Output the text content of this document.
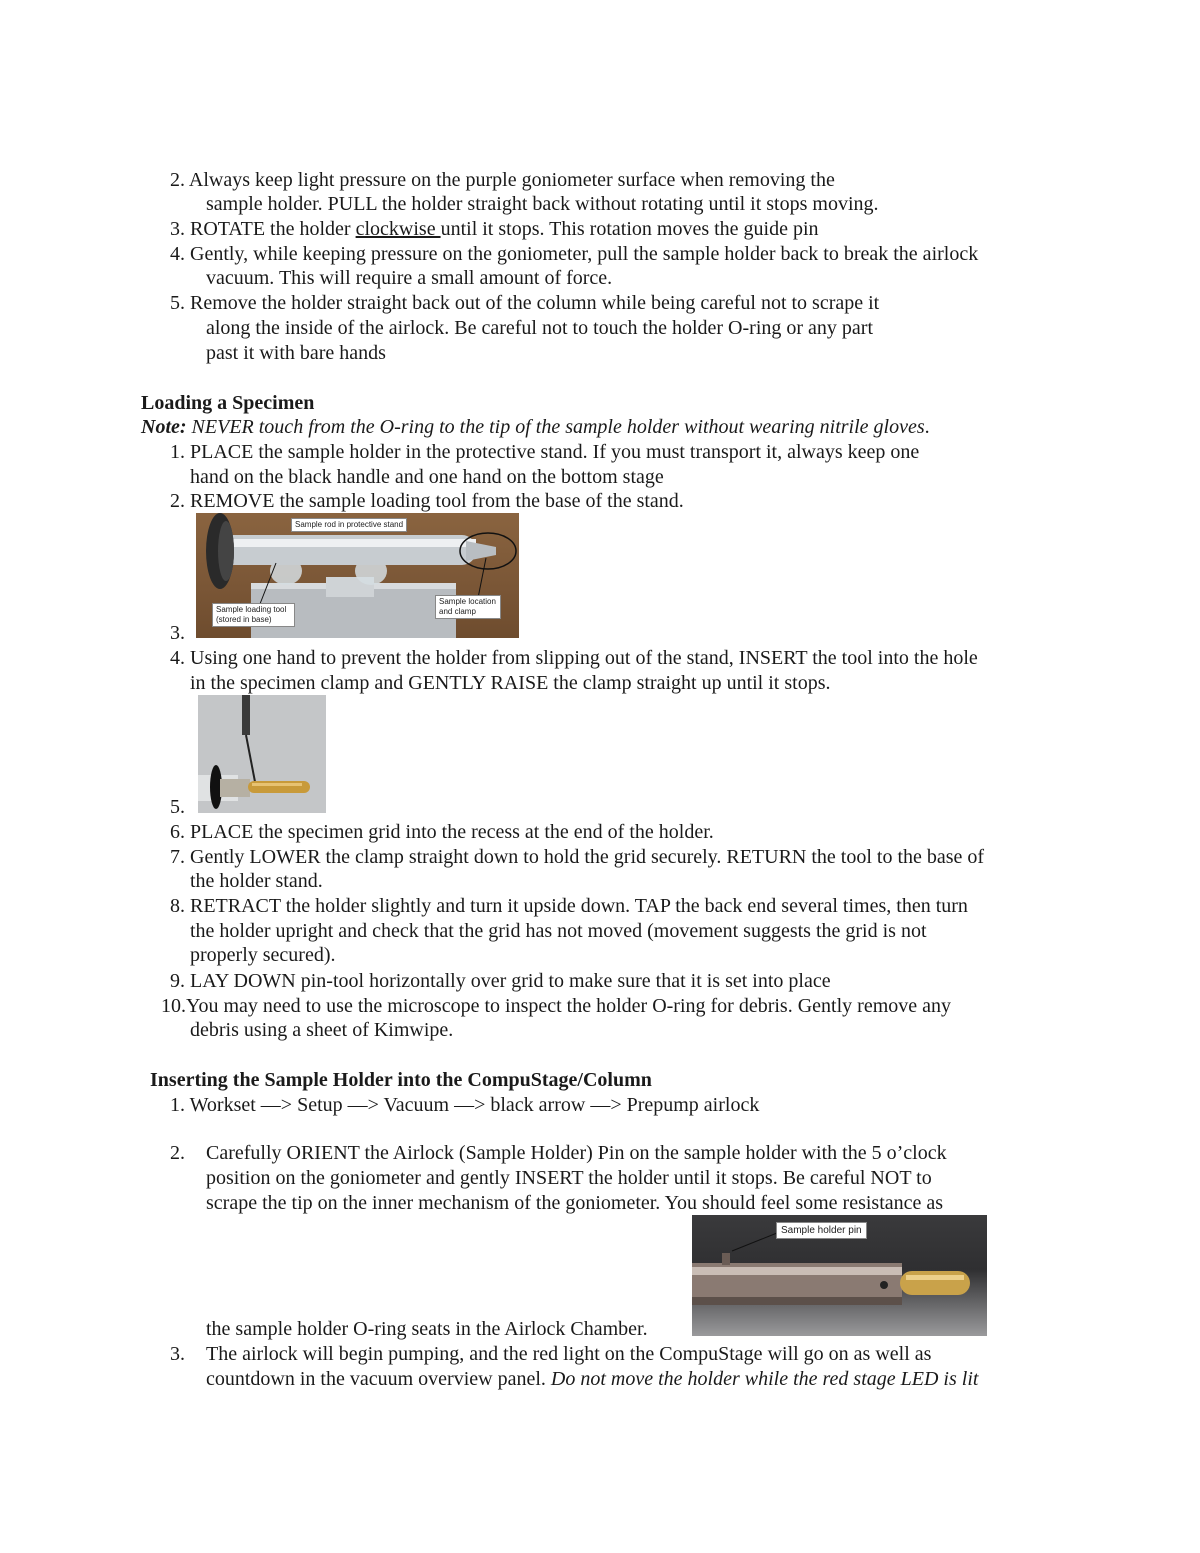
2. Always keep light pressure on the purple goniometer surface when removing the
sample holder. PULL the holder straight back without rotating until it stops moving.
3. ROTATE the holder clockwise until it stops. This rotation moves the guide pin
4. Gently, while keeping pressure on the goniometer, pull the sample holder back to break the airlock
vacuum. This will require a small amount of force.
5. Remove the holder straight back out of the column while being careful not to scrape it
along the inside of the airlock. Be careful not to touch the holder O-ring or any part
past it with bare hands
Loading a Specimen
Note: NEVER touch from the O-ring to the tip of the sample holder without wearing nitrile gloves.
1. PLACE the sample holder in the protective stand. If you must transport it, always keep one
hand on the black handle and one hand on the bottom stage
2. REMOVE the sample loading tool from the base of the stand.
Sample rod in protective stand
Sample loading tool (stored in base)
Sample location and clamp
3.
4. Using one hand to prevent the holder from slipping out of the stand, INSERT the tool into the hole
in the specimen clamp and GENTLY RAISE the clamp straight up until it stops.
5.
6. PLACE the specimen grid into the recess at the end of the holder.
7. Gently LOWER the clamp straight down to hold the grid securely. RETURN the tool to the base of
the holder stand.
8. RETRACT the holder slightly and turn it upside down. TAP the back end several times, then turn
the holder upright and check that the grid has not moved (movement suggests the grid is not
properly secured).
9. LAY DOWN pin-tool horizontally over grid to make sure that it is set into place
10.You may need to use the microscope to inspect the holder O-ring for debris. Gently remove any
debris using a sheet of Kimwipe.
Inserting the Sample Holder into the CompuStage/Column
1. Workset —> Setup —> Vacuum —> black arrow —> Prepump airlock
2. Carefully ORIENT the Airlock (Sample Holder) Pin on the sample holder with the 5 o’clock
position on the goniometer and gently INSERT the holder until it stops. Be careful NOT to
scrape the tip on the inner mechanism of the goniometer. You should feel some resistance as
Sample holder pin
the sample holder O-ring seats in the Airlock Chamber.
3. The airlock will begin pumping, and the red light on the CompuStage will go on as well as
countdown in the vacuum overview panel. Do not move the holder while the red stage LED is lit
